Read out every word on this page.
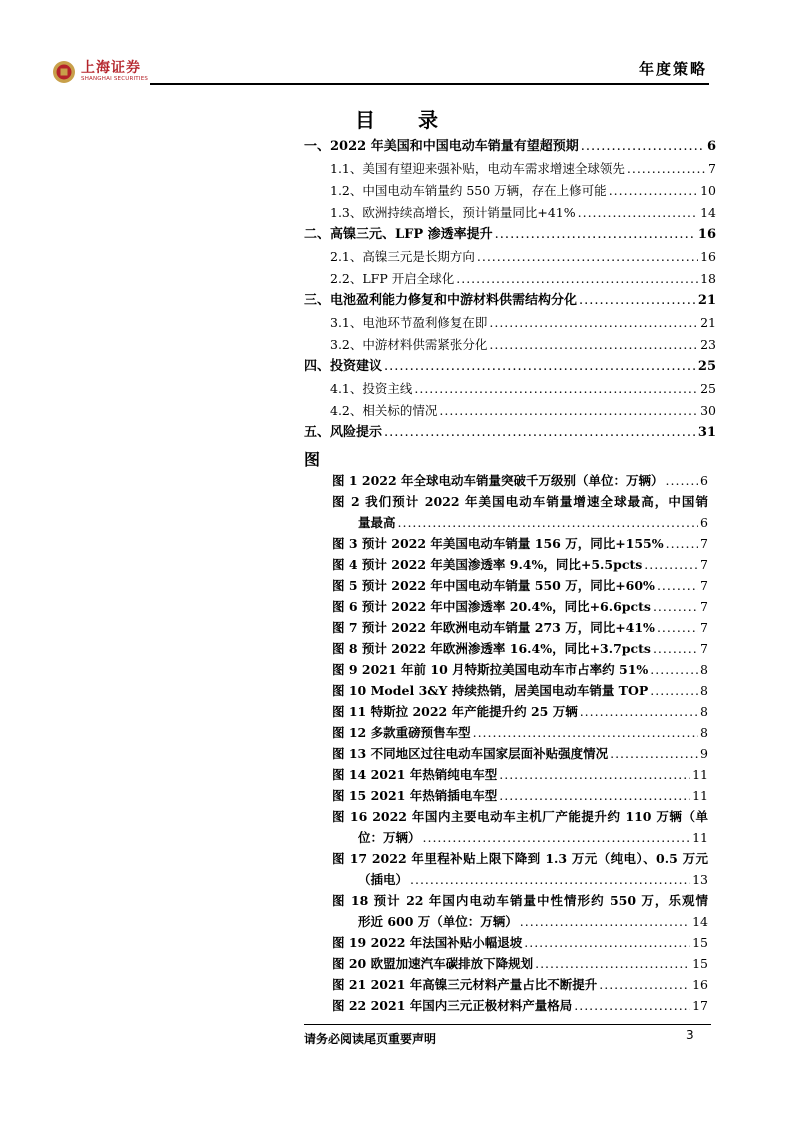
上海证券
SHANGHAI SECURITIES
年度策略
目 录
一、2022 年美国和中国电动车销量有望超预期 .....	6
1.1、美国有望迎来强补贴，电动车需求增速全球领先 .....	7
1.2、中国电动车销量约 550 万辆，存在上修可能 .....	10
1.3、欧洲持续高增长，预计销量同比+41% .....	14
二、高镍三元、LFP 渗透率提升 .....	16
2.1、高镍三元是长期方向 .....	16
2.2、LFP 开启全球化 .....	18
三、电池盈利能力修复和中游材料供需结构分化 .....	21
3.1、电池环节盈利修复在即 .....	21
3.2、中游材料供需紧张分化 .....	23
四、投资建议 .....	25
4.1、投资主线 .....	25
4.2、相关标的情况 .....	30
五、风险提示 .....	31
图
图 1 2022 年全球电动车销量突破千万级别（单位：万辆） .....	6
图 2 我们预计 2022 年美国电动车销量增速全球最高，中国销
量最高 .....	6
图 3 预计 2022 年美国电动车销量 156 万，同比+155% .....	7
图 4 预计 2022 年美国渗透率 9.4%，同比+5.5pcts .....	7
图 5 预计 2022 年中国电动车销量 550 万，同比+60% .....	7
图 6 预计 2022 年中国渗透率 20.4%，同比+6.6pcts .....	7
图 7 预计 2022 年欧洲电动车销量 273 万，同比+41% .....	7
图 8 预计 2022 年欧洲渗透率 16.4%，同比+3.7pcts .....	7
图 9 2021 年前 10 月特斯拉美国电动车市占率约 51% .....	8
图 10 Model 3&Y 持续热销，居美国电动车销量 TOP .....	8
图 11 特斯拉 2022 年产能提升约 25 万辆 .....	8
图 12 多款重磅预售车型 .....	8
图 13 不同地区过往电动车国家层面补贴强度情况 .....	9
图 14 2021 年热销纯电车型 .....	11
图 15 2021 年热销插电车型 .....	11
图 16 2022 年国内主要电动车主机厂产能提升约 110 万辆（单
位：万辆） .....	11
图 17 2022 年里程补贴上限下降到 1.3 万元（纯电）、0.5 万元
（插电） .....	13
图 18 预计 22 年国内电动车销量中性情形约 550 万，乐观情
形近 600 万（单位：万辆） .....	14
图 19 2022 年法国补贴小幅退坡 .....	15
图 20 欧盟加速汽车碳排放下降规划 .....	15
图 21 2021 年高镍三元材料产量占比不断提升 .....	16
图 22 2021 年国内三元正极材料产量格局 .....	17
请务必阅读尾页重要声明	3
